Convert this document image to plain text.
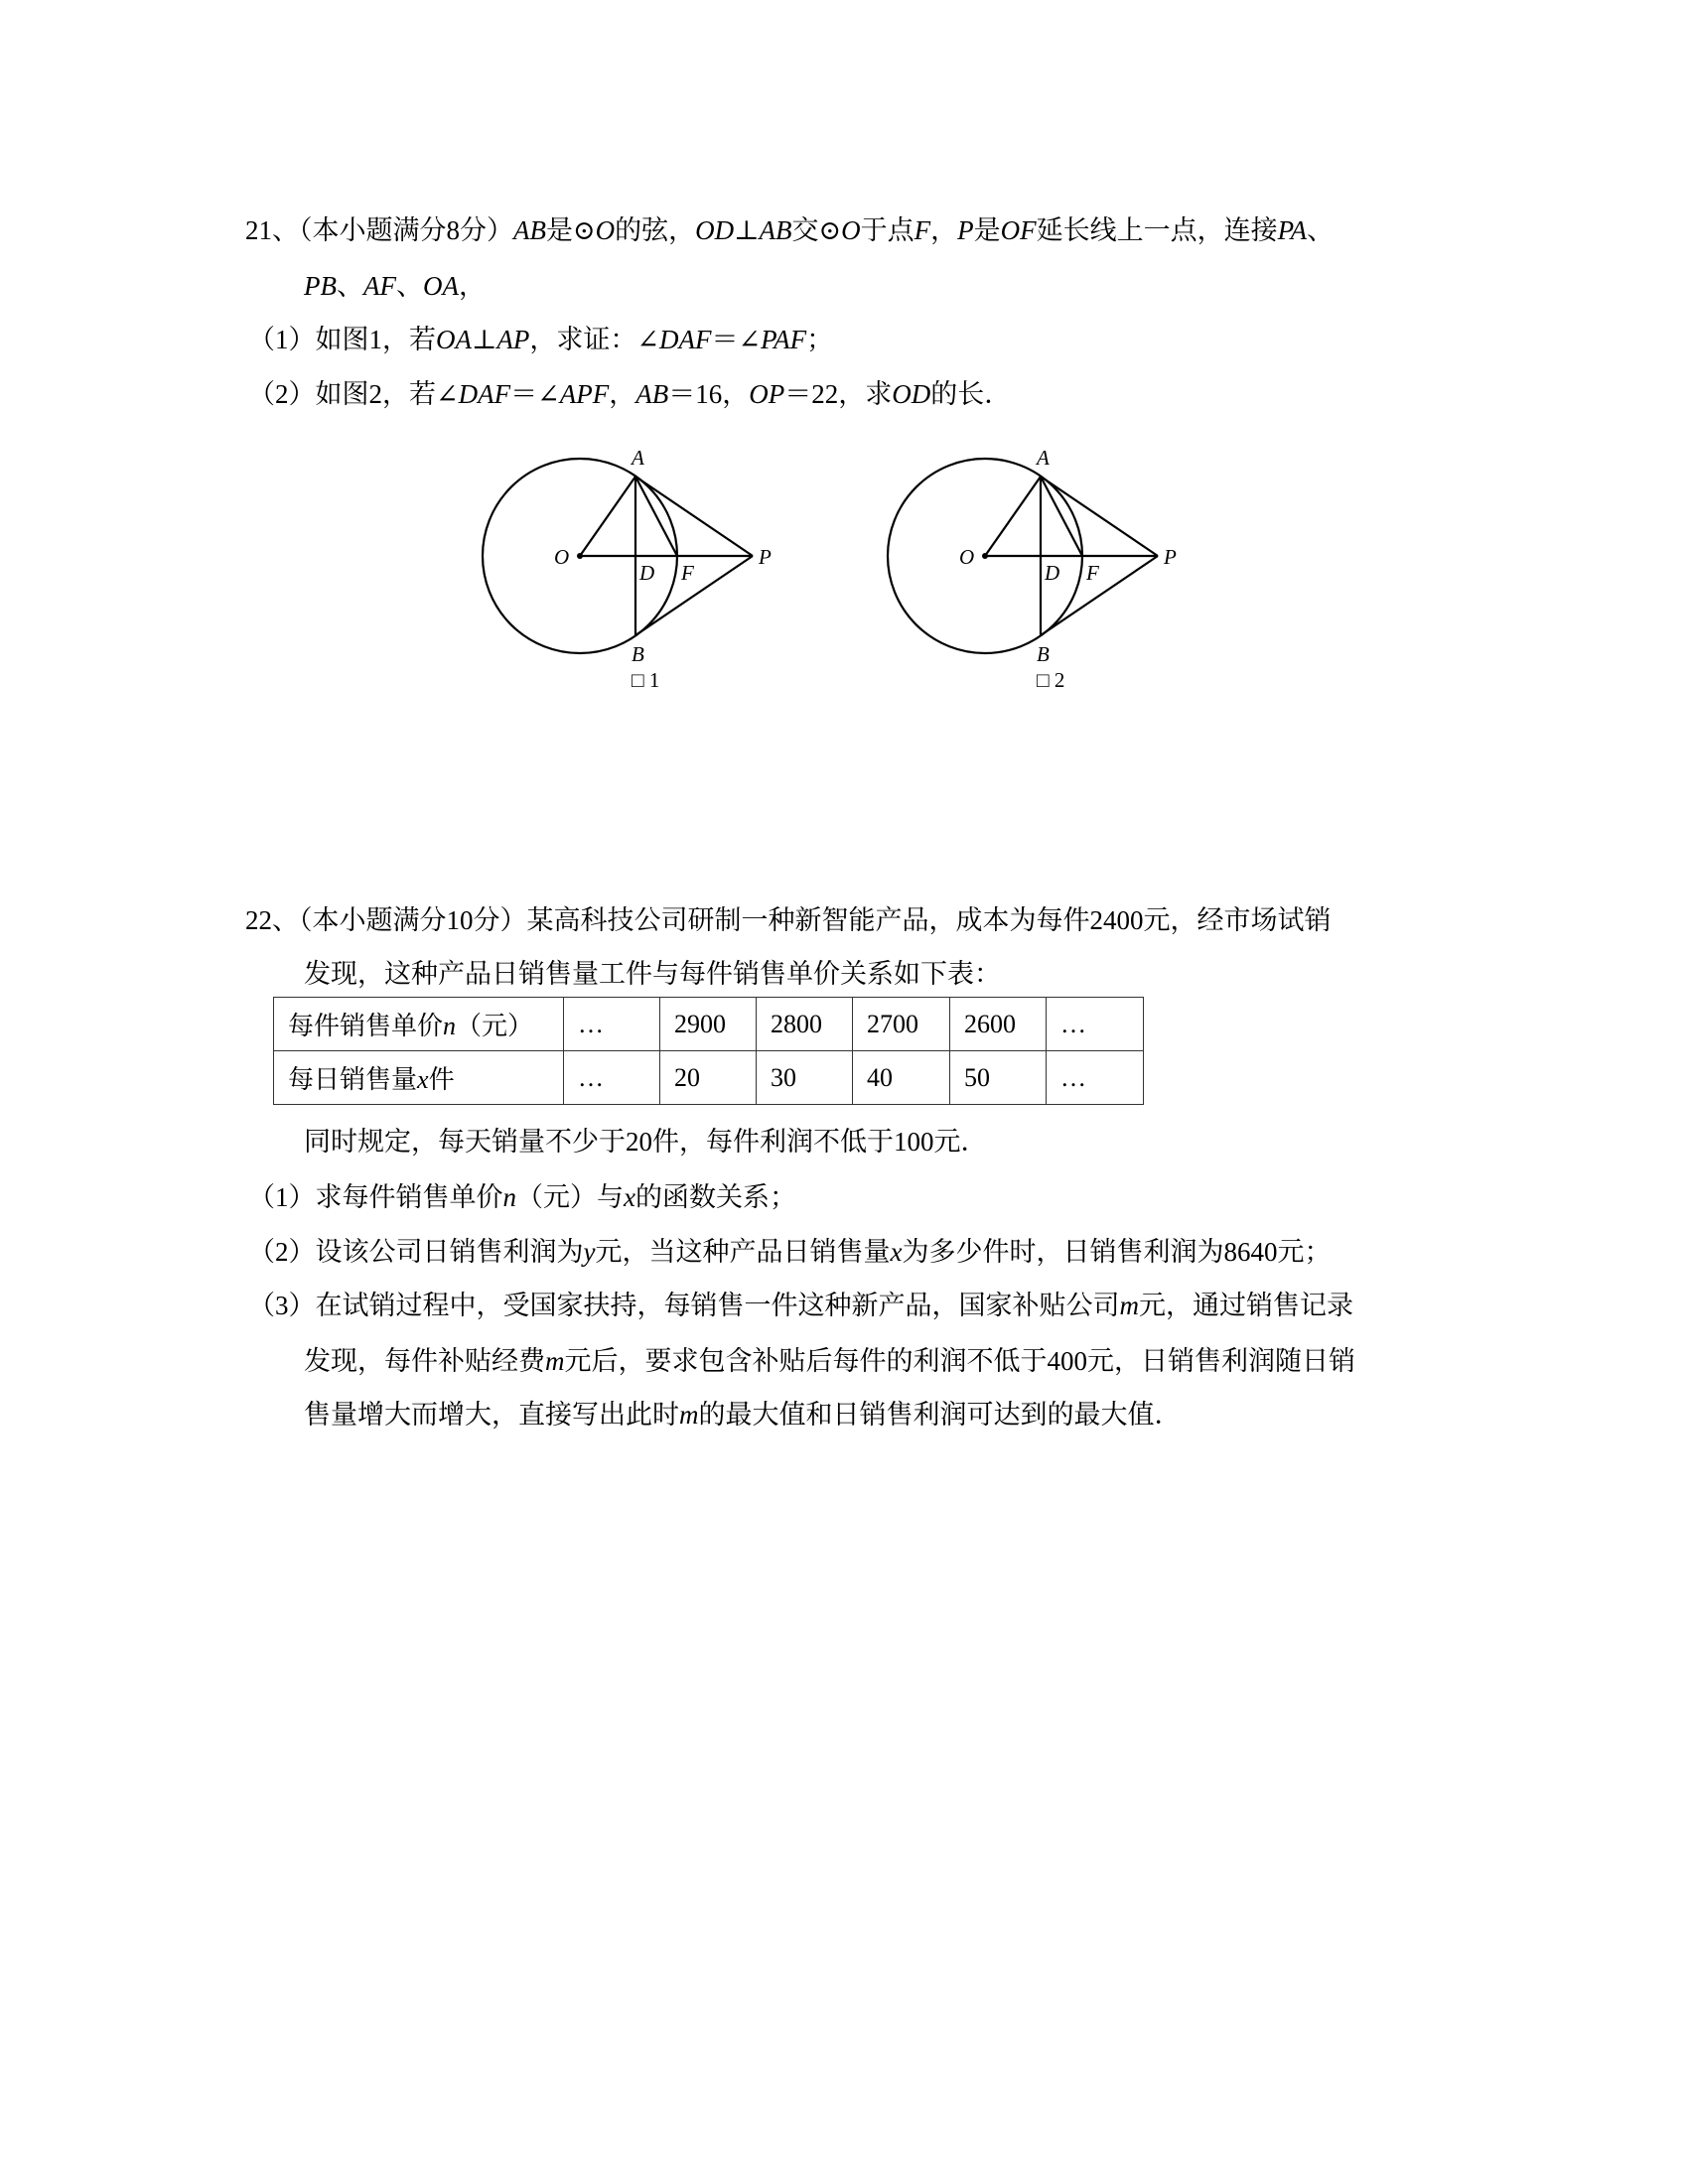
21、（本小题满分8分）AB是⊙O的弦，OD⊥AB交⊙O于点F，P是OF延长线上一点，连接PA、
PB、AF、OA，
（1）如图1，若OA⊥AP，求证：∠DAF＝∠PAF；
（2）如图2，若∠DAF＝∠APF，AB＝16，OP＝22，求OD的长．
A
B
O
D F
P
□ 1
A
B
O
D F
P
□ 2
22、（本小题满分10分）某高科技公司研制一种新智能产品，成本为每件2400元，经市场试销
发现，这种产品日销售量工件与每件销售单价关系如下表：
每件销售单价n（元）	…	2900	2800	2700	2600	…
每日销售量x件	…	20	30	40	50	…
同时规定，每天销量不少于20件，每件利润不低于100元．
（1）求每件销售单价n（元）与x的函数关系；
（2）设该公司日销售利润为y元，当这种产品日销售量x为多少件时，日销售利润为8640元；
（3）在试销过程中，受国家扶持，每销售一件这种新产品，国家补贴公司m元，通过销售记录
发现，每件补贴经费m元后，要求包含补贴后每件的利润不低于400元，日销售利润随日销
售量增大而增大，直接写出此时m的最大值和日销售利润可达到的最大值．
